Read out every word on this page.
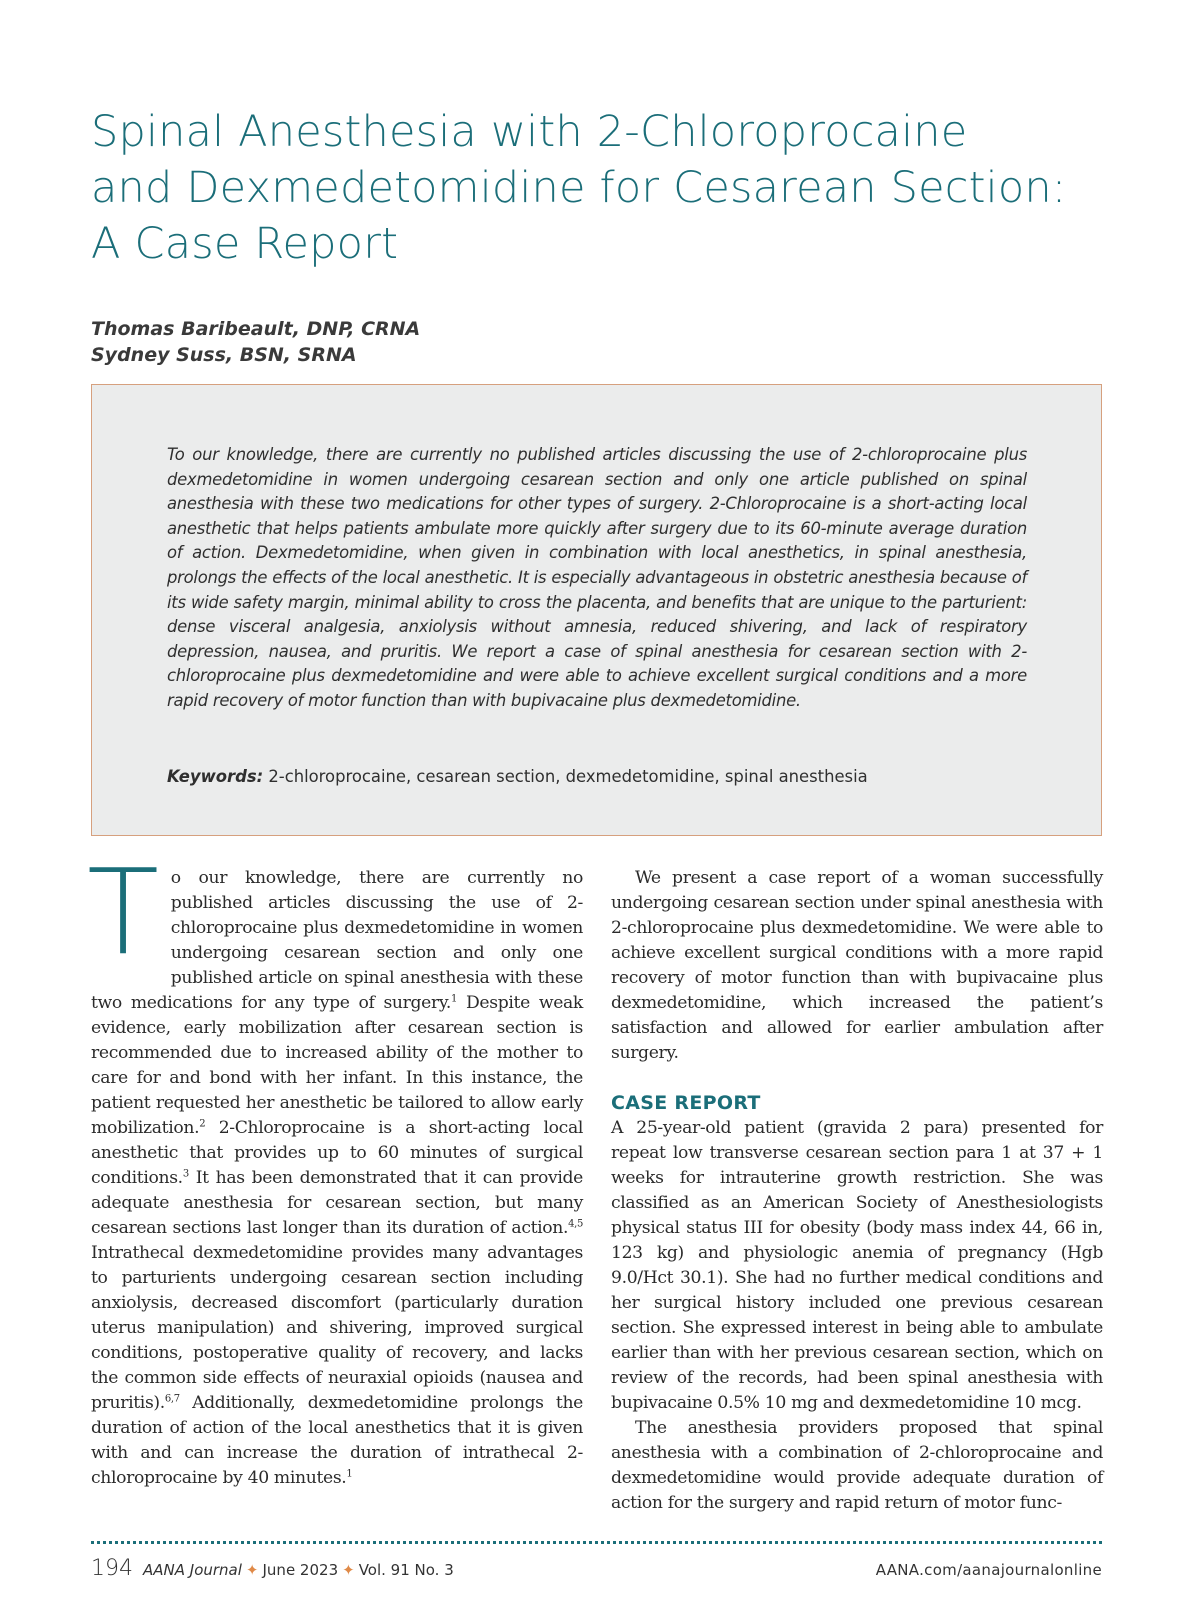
Spinal Anesthesia with 2-Chloroprocaine
and Dexmedetomidine for Cesarean Section:
A Case Report
Thomas Baribeault, DNP, CRNA
Sydney Suss, BSN, SRNA

To our knowledge, there are currently no published articles discussing the use of 2-chloroprocaine plus dexmedetomidine in women undergoing cesarean section and only one article published on spinal anesthesia with these two medications for other types of surgery. 2-Chloroprocaine is a short-acting local anesthetic that helps patients ambulate more quickly after surgery due to its 60-minute average duration of action. Dexmedetomidine, when given in combination with local anesthetics, in spinal anesthesia, prolongs the effects of the local anesthetic. It is especially advantageous in obstetric anesthesia because of its wide safety margin, minimal ability to cross the placenta, and benefits that are unique to the parturient: dense visceral analgesia, anxiolysis without amnesia, reduced shivering, and lack of respiratory depression, nausea, and pruritis. We report a case of spinal anesthesia for cesarean section with 2-chloroprocaine plus dexmedetomidine and were able to achieve excellent surgical conditions and a more rapid recovery of motor function than with bupivacaine plus dexmedetomidine.

Keywords: 2-chloroprocaine, cesarean section, dexmedetomidine, spinal anesthesia

To our knowledge, there are currently no published articles discussing the use of 2-chloroprocaine plus dexmedetomidine in women undergoing cesarean section and only one published article on spinal anesthesia with these two medications for any type of surgery.$^1$ Despite weak evidence, early mobilization after cesarean section is recommended due to increased ability of the mother to care for and bond with her infant. In this instance, the patient requested her anesthetic be tailored to allow early mobilization.$^2$ 2-Chloroprocaine is a short-acting local anesthetic that provides up to 60 minutes of surgical conditions.$^3$ It has been demonstrated that it can provide adequate anesthesia for cesarean section, but many cesarean sections last longer than its duration of action.$^{4,5}$ Intrathecal dexmedetomidine provides many advantages to parturients undergoing cesarean section including anxiolysis, decreased discomfort (particularly duration uterus manipulation) and shivering, improved surgical conditions, postoperative quality of recovery, and lacks the common side effects of neuraxial opioids (nausea and pruritis).$^{6,7}$ Additionally, dexmedetomidine prolongs the duration of action of the local anesthetics that it is given with and can increase the duration of intrathecal 2-chloroprocaine by 40 minutes.$^1$

We present a case report of a woman successfully undergoing cesarean section under spinal anesthesia with 2-chloroprocaine plus dexmedetomidine. We were able to achieve excellent surgical conditions with a more rapid recovery of motor function than with bupivacaine plus dexmedetomidine, which increased the patient’s satisfaction and allowed for earlier ambulation after surgery.

CASE REPORT

A 25-year-old patient (gravida 2 para) presented for repeat low transverse cesarean section para 1 at 37 + 1 weeks for intrauterine growth restriction. She was classified as an American Society of Anesthesiologists physical status III for obesity (body mass index 44, 66 in, 123 kg) and physiologic anemia of pregnancy (Hgb 9.0/Hct 30.1). She had no further medical conditions and her surgical history included one previous cesarean section. She expressed interest in being able to ambulate earlier than with her previous cesarean section, which on review of the records, had been spinal anesthesia with bupivacaine 0.5% 10 mg and dexmedetomidine 10 mcg.

The anesthesia providers proposed that spinal anesthesia with a combination of 2-chloroprocaine and dexmedetomidine would provide adequate duration of action for the surgery and rapid return of motor func-

194 AANA Journal ✦ June 2023 ✦ Vol. 91 No. 3	AANA.com/aanajournalonline
